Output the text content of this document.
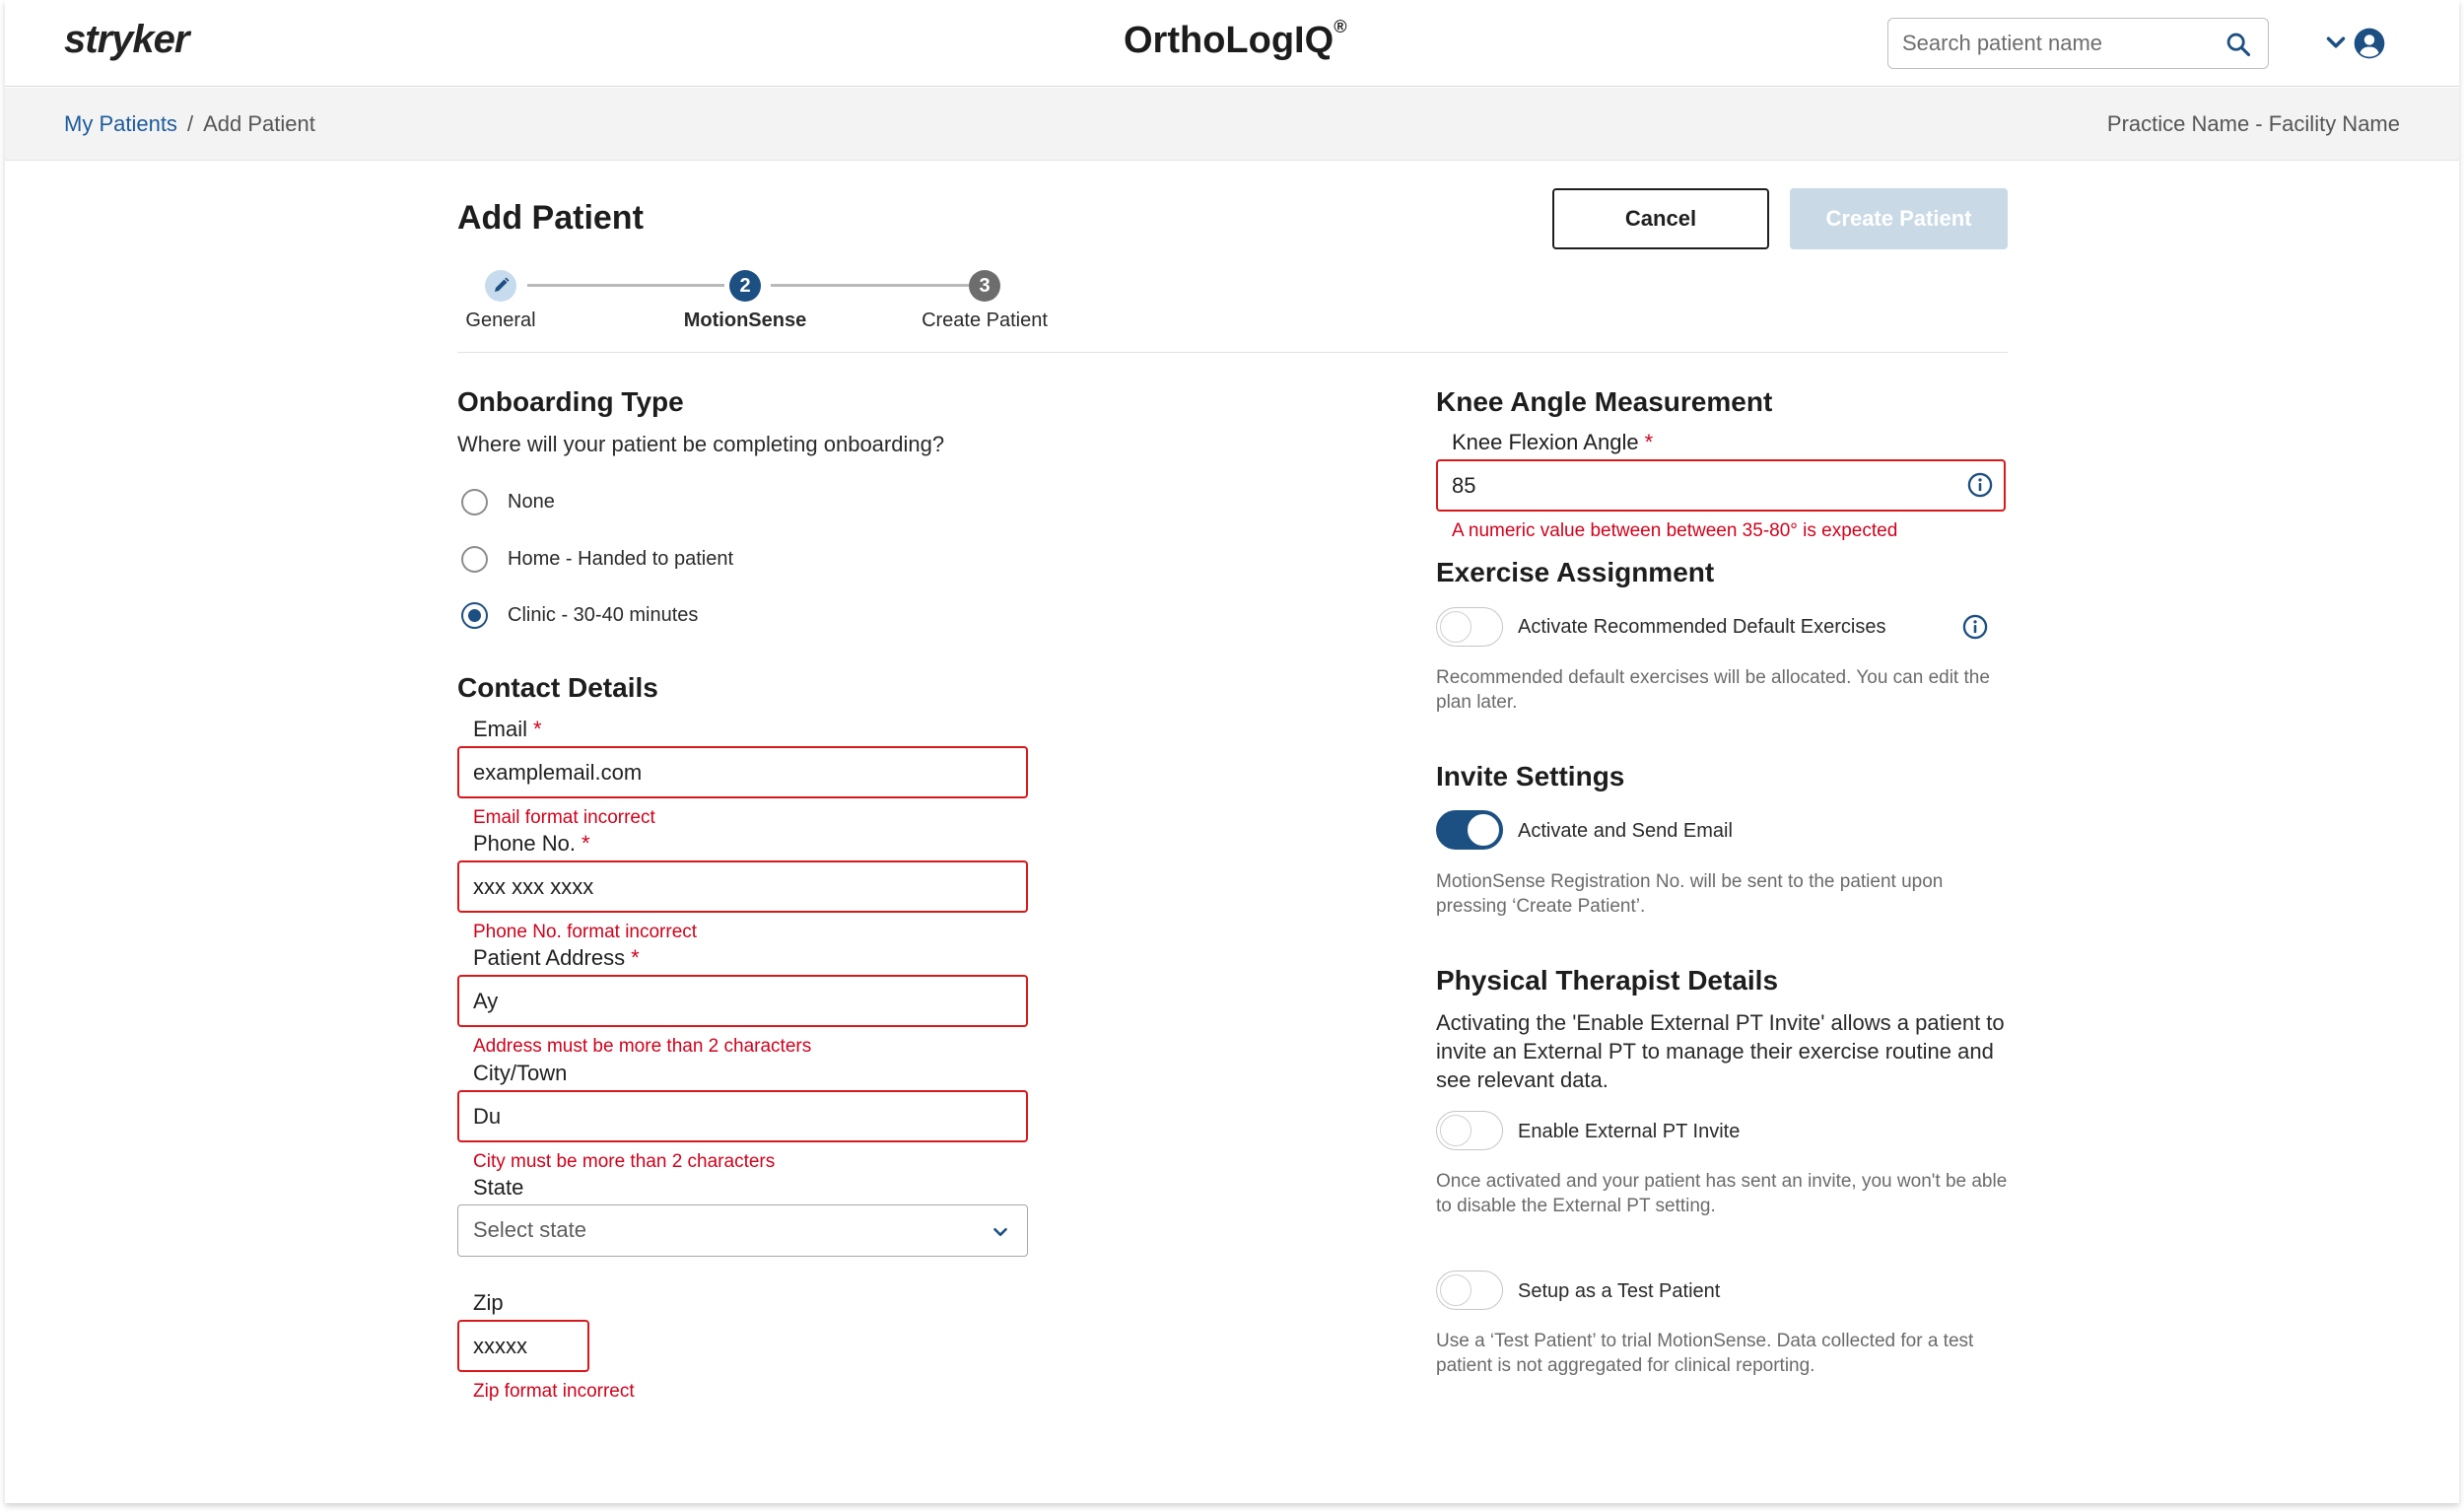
stryker	OrthoLogIQ®
Search patient name
My Patients / Add Patient	Practice Name - Facility Name
Add Patient	Cancel	Create Patient
General
2
MotionSense
3
Create Patient
Onboarding Type
Where will your patient be completing onboarding?
None
Home - Handed to patient
Clinic - 30-40 minutes
Contact Details
Email *
examplemail.com
Email format incorrect
Phone No. *
xxx xxx xxxx
Phone No. format incorrect
Patient Address *
Ay
Address must be more than 2 characters
City/Town
Du
City must be more than 2 characters
State
Select state
Zip
xxxxx
Zip format incorrect
Knee Angle Measurement
Knee Flexion Angle *
85
A numeric value between between 35-80° is expected
Exercise Assignment
Activate Recommended Default Exercises
Recommended default exercises will be allocated. You can edit the plan later.
Invite Settings
Activate and Send Email
MotionSense Registration No. will be sent to the patient upon pressing ‘Create Patient’.
Physical Therapist Details
Activating the 'Enable External PT Invite' allows a patient to invite an External PT to manage their exercise routine and see relevant data.
Enable External PT Invite
Once activated and your patient has sent an invite, you won't be able to disable the External PT setting.
Setup as a Test Patient
Use a ‘Test Patient’ to trial MotionSense. Data collected for a test patient is not aggregated for clinical reporting.
